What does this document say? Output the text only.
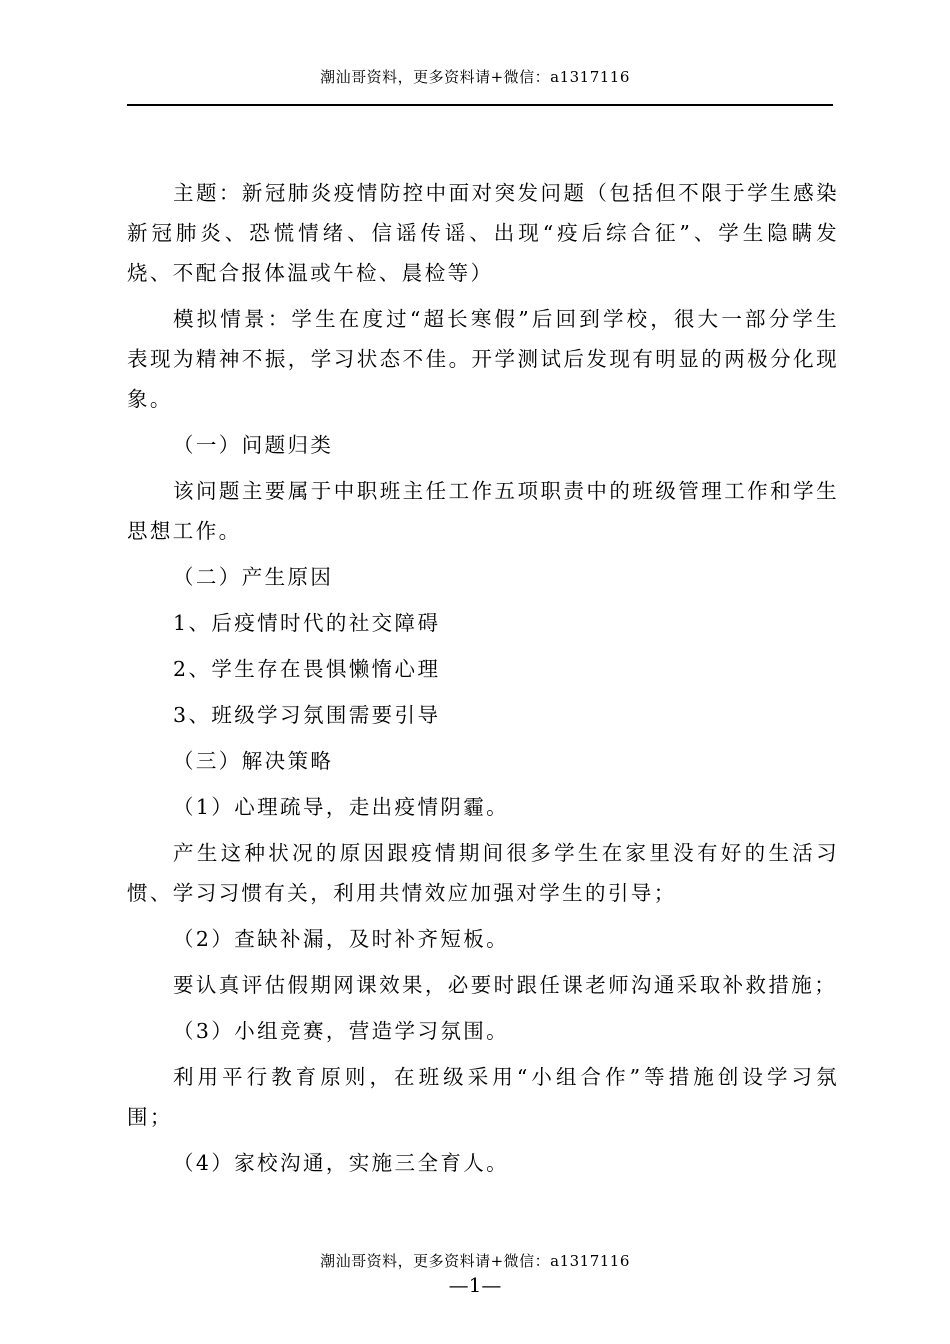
潮汕哥资料，更多资料请+微信：a1317116

主题：新冠肺炎疫情防控中面对突发问题（包括但不限于学生感染新冠肺炎、恐慌情绪、信谣传谣、出现“疫后综合征”、学生隐瞒发烧、不配合报体温或午检、晨检等）

模拟情景：学生在度过“超长寒假”后回到学校，很大一部分学生表现为精神不振，学习状态不佳。开学测试后发现有明显的两极分化现象。

（一）问题归类

该问题主要属于中职班主任工作五项职责中的班级管理工作和学生思想工作。

（二）产生原因

1、后疫情时代的社交障碍

2、学生存在畏惧懒惰心理

3、班级学习氛围需要引导

（三）解决策略

（1）心理疏导，走出疫情阴霾。

产生这种状况的原因跟疫情期间很多学生在家里没有好的生活习惯、学习习惯有关，利用共情效应加强对学生的引导；

（2）查缺补漏，及时补齐短板。

要认真评估假期网课效果，必要时跟任课老师沟通采取补救措施；

（3）小组竞赛，营造学习氛围。

利用平行教育原则，在班级采用“小组合作”等措施创设学习氛围；

（4）家校沟通，实施三全育人。

潮汕哥资料，更多资料请+微信：a1317116
—1—
